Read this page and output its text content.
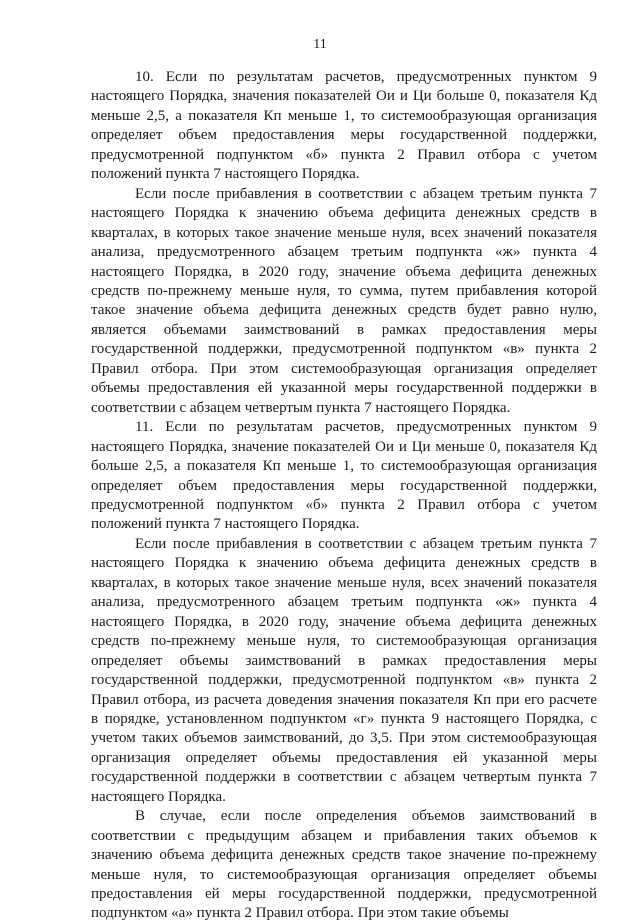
11

10. Если по результатам расчетов, предусмотренных пунктом 9 настоящего Порядка, значения показателей Ои и Ци больше 0, показателя Кд меньше 2,5, а показателя Кп меньше 1, то системообразующая организация определяет объем предоставления меры государственной поддержки, предусмотренной подпунктом «б» пункта 2 Правил отбора с учетом положений пункта 7 настоящего Порядка.

Если после прибавления в соответствии с абзацем третьим пункта 7 настоящего Порядка к значению объема дефицита денежных средств в кварталах, в которых такое значение меньше нуля, всех значений показателя анализа, предусмотренного абзацем третьим подпункта «ж» пункта 4 настоящего Порядка, в 2020 году, значение объема дефицита денежных средств по-прежнему меньше нуля, то сумма, путем прибавления которой такое значение объема дефицита денежных средств будет равно нулю, является объемами заимствований в рамках предоставления меры государственной поддержки, предусмотренной подпунктом «в» пункта 2 Правил отбора. При этом системообразующая организация определяет объемы предоставления ей указанной меры государственной поддержки в соответствии с абзацем четвертым пункта 7 настоящего Порядка.

11. Если по результатам расчетов, предусмотренных пунктом 9 настоящего Порядка, значение показателей Ои и Ци меньше 0, показателя Кд больше 2,5, а показателя Кп меньше 1, то системообразующая организация определяет объем предоставления меры государственной поддержки, предусмотренной подпунктом «б» пункта 2 Правил отбора с учетом положений пункта 7 настоящего Порядка.

Если после прибавления в соответствии с абзацем третьим пункта 7 настоящего Порядка к значению объема дефицита денежных средств в кварталах, в которых такое значение меньше нуля, всех значений показателя анализа, предусмотренного абзацем третьим подпункта «ж» пункта 4 настоящего Порядка, в 2020 году, значение объема дефицита денежных средств по-прежнему меньше нуля, то системообразующая организация определяет объемы заимствований в рамках предоставления меры государственной поддержки, предусмотренной подпунктом «в» пункта 2 Правил отбора, из расчета доведения значения показателя Кп при его расчете в порядке, установленном подпунктом «г» пункта 9 настоящего Порядка, с учетом таких объемов заимствований, до 3,5. При этом системообразующая организация определяет объемы предоставления ей указанной меры государственной поддержки в соответствии с абзацем четвертым пункта 7 настоящего Порядка.

В случае, если после определения объемов заимствований в соответствии с предыдущим абзацем и прибавления таких объемов к значению объема дефицита денежных средств такое значение по-прежнему меньше нуля, то системообразующая организация определяет объемы предоставления ей меры государственной поддержки, предусмотренной подпунктом «а» пункта 2 Правил отбора. При этом такие объемы
